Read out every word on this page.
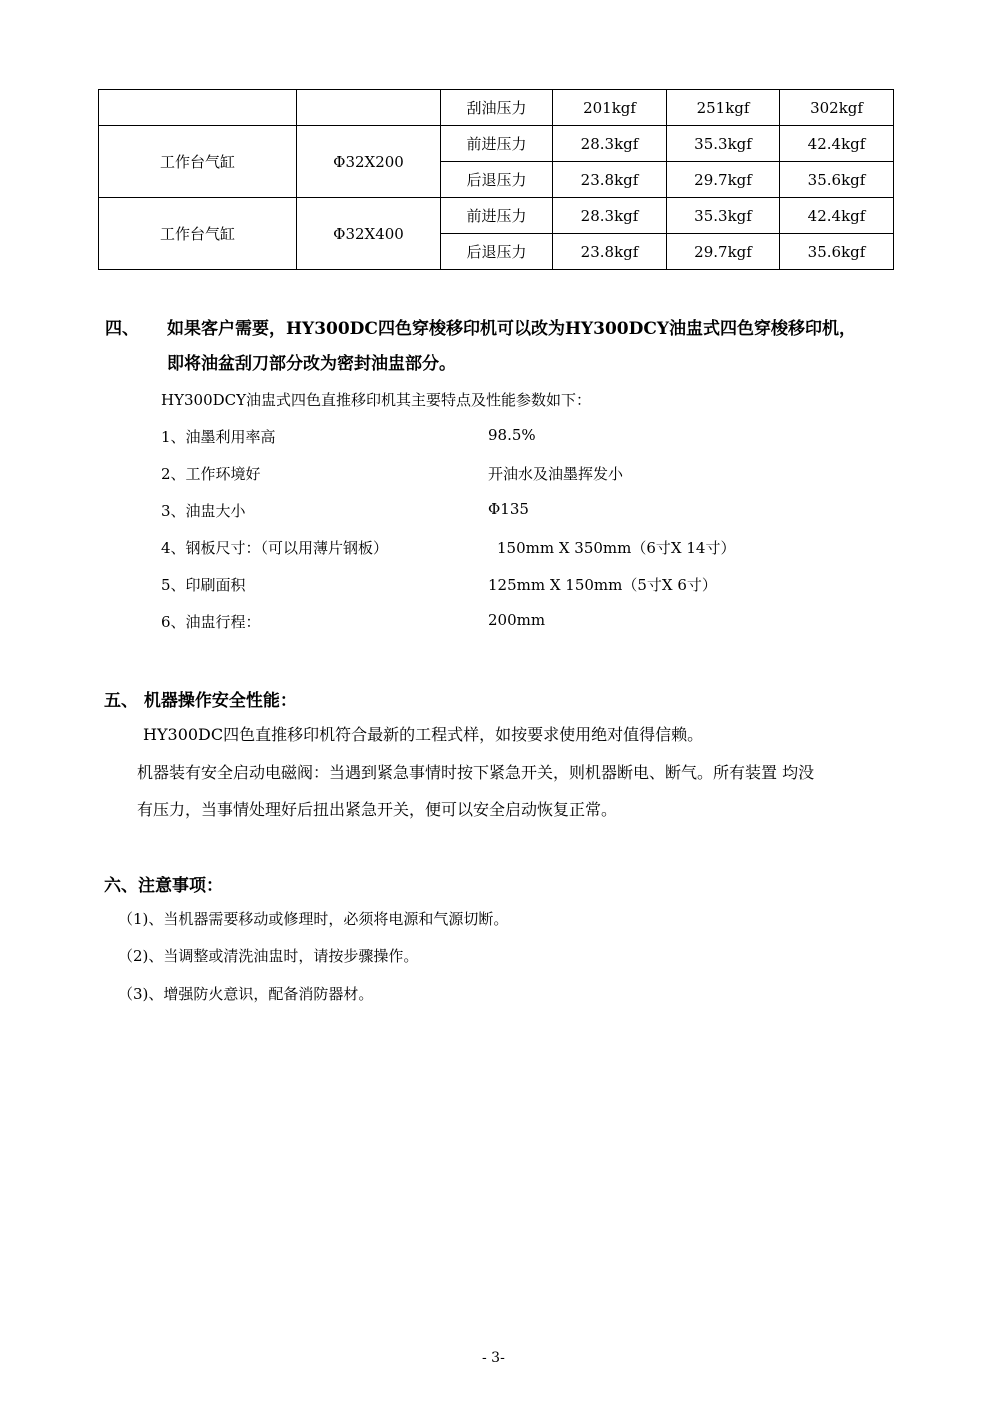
		刮油压力	201kgf	251kgf	302kgf
工作台气缸	Φ32X200	前进压力	28.3kgf	35.3kgf	42.4kgf
		后退压力	23.8kgf	29.7kgf	35.6kgf
工作台气缸	Φ32X400	前进压力	28.3kgf	35.3kgf	42.4kgf
		后退压力	23.8kgf	29.7kgf	35.6kgf
四、 如果客户需要，HY300DC四色穿梭移印机可以改为HY300DCY油盅式四色穿梭移印机，
即将油盆刮刀部分改为密封油盅部分。
HY300DCY油盅式四色直推移印机其主要特点及性能参数如下：
1、油墨利用率高	98.5%
2、工作环境好	开油水及油墨挥发小
3、油盅大小	Φ135
4、钢板尺寸：（可以用薄片钢板）	150mm X 350mm（6寸X 14寸）
5、印刷面积	125mm X 150mm（5寸X 6寸）
6、油盅行程：	200mm
五、 机器操作安全性能：
HY300DC四色直推移印机符合最新的工程式样，如按要求使用绝对值得信赖。
机器装有安全启动电磁阀：当遇到紧急事情时按下紧急开关，则机器断电、断气。所有装置 均没
有压力，当事情处理好后扭出紧急开关，便可以安全启动恢复正常。
六、注意事项：
（1)、当机器需要移动或修理时，必须将电源和气源切断。
（2)、当调整或清洗油盅时，请按步骤操作。
（3)、增强防火意识，配备消防器材。
- 3-
